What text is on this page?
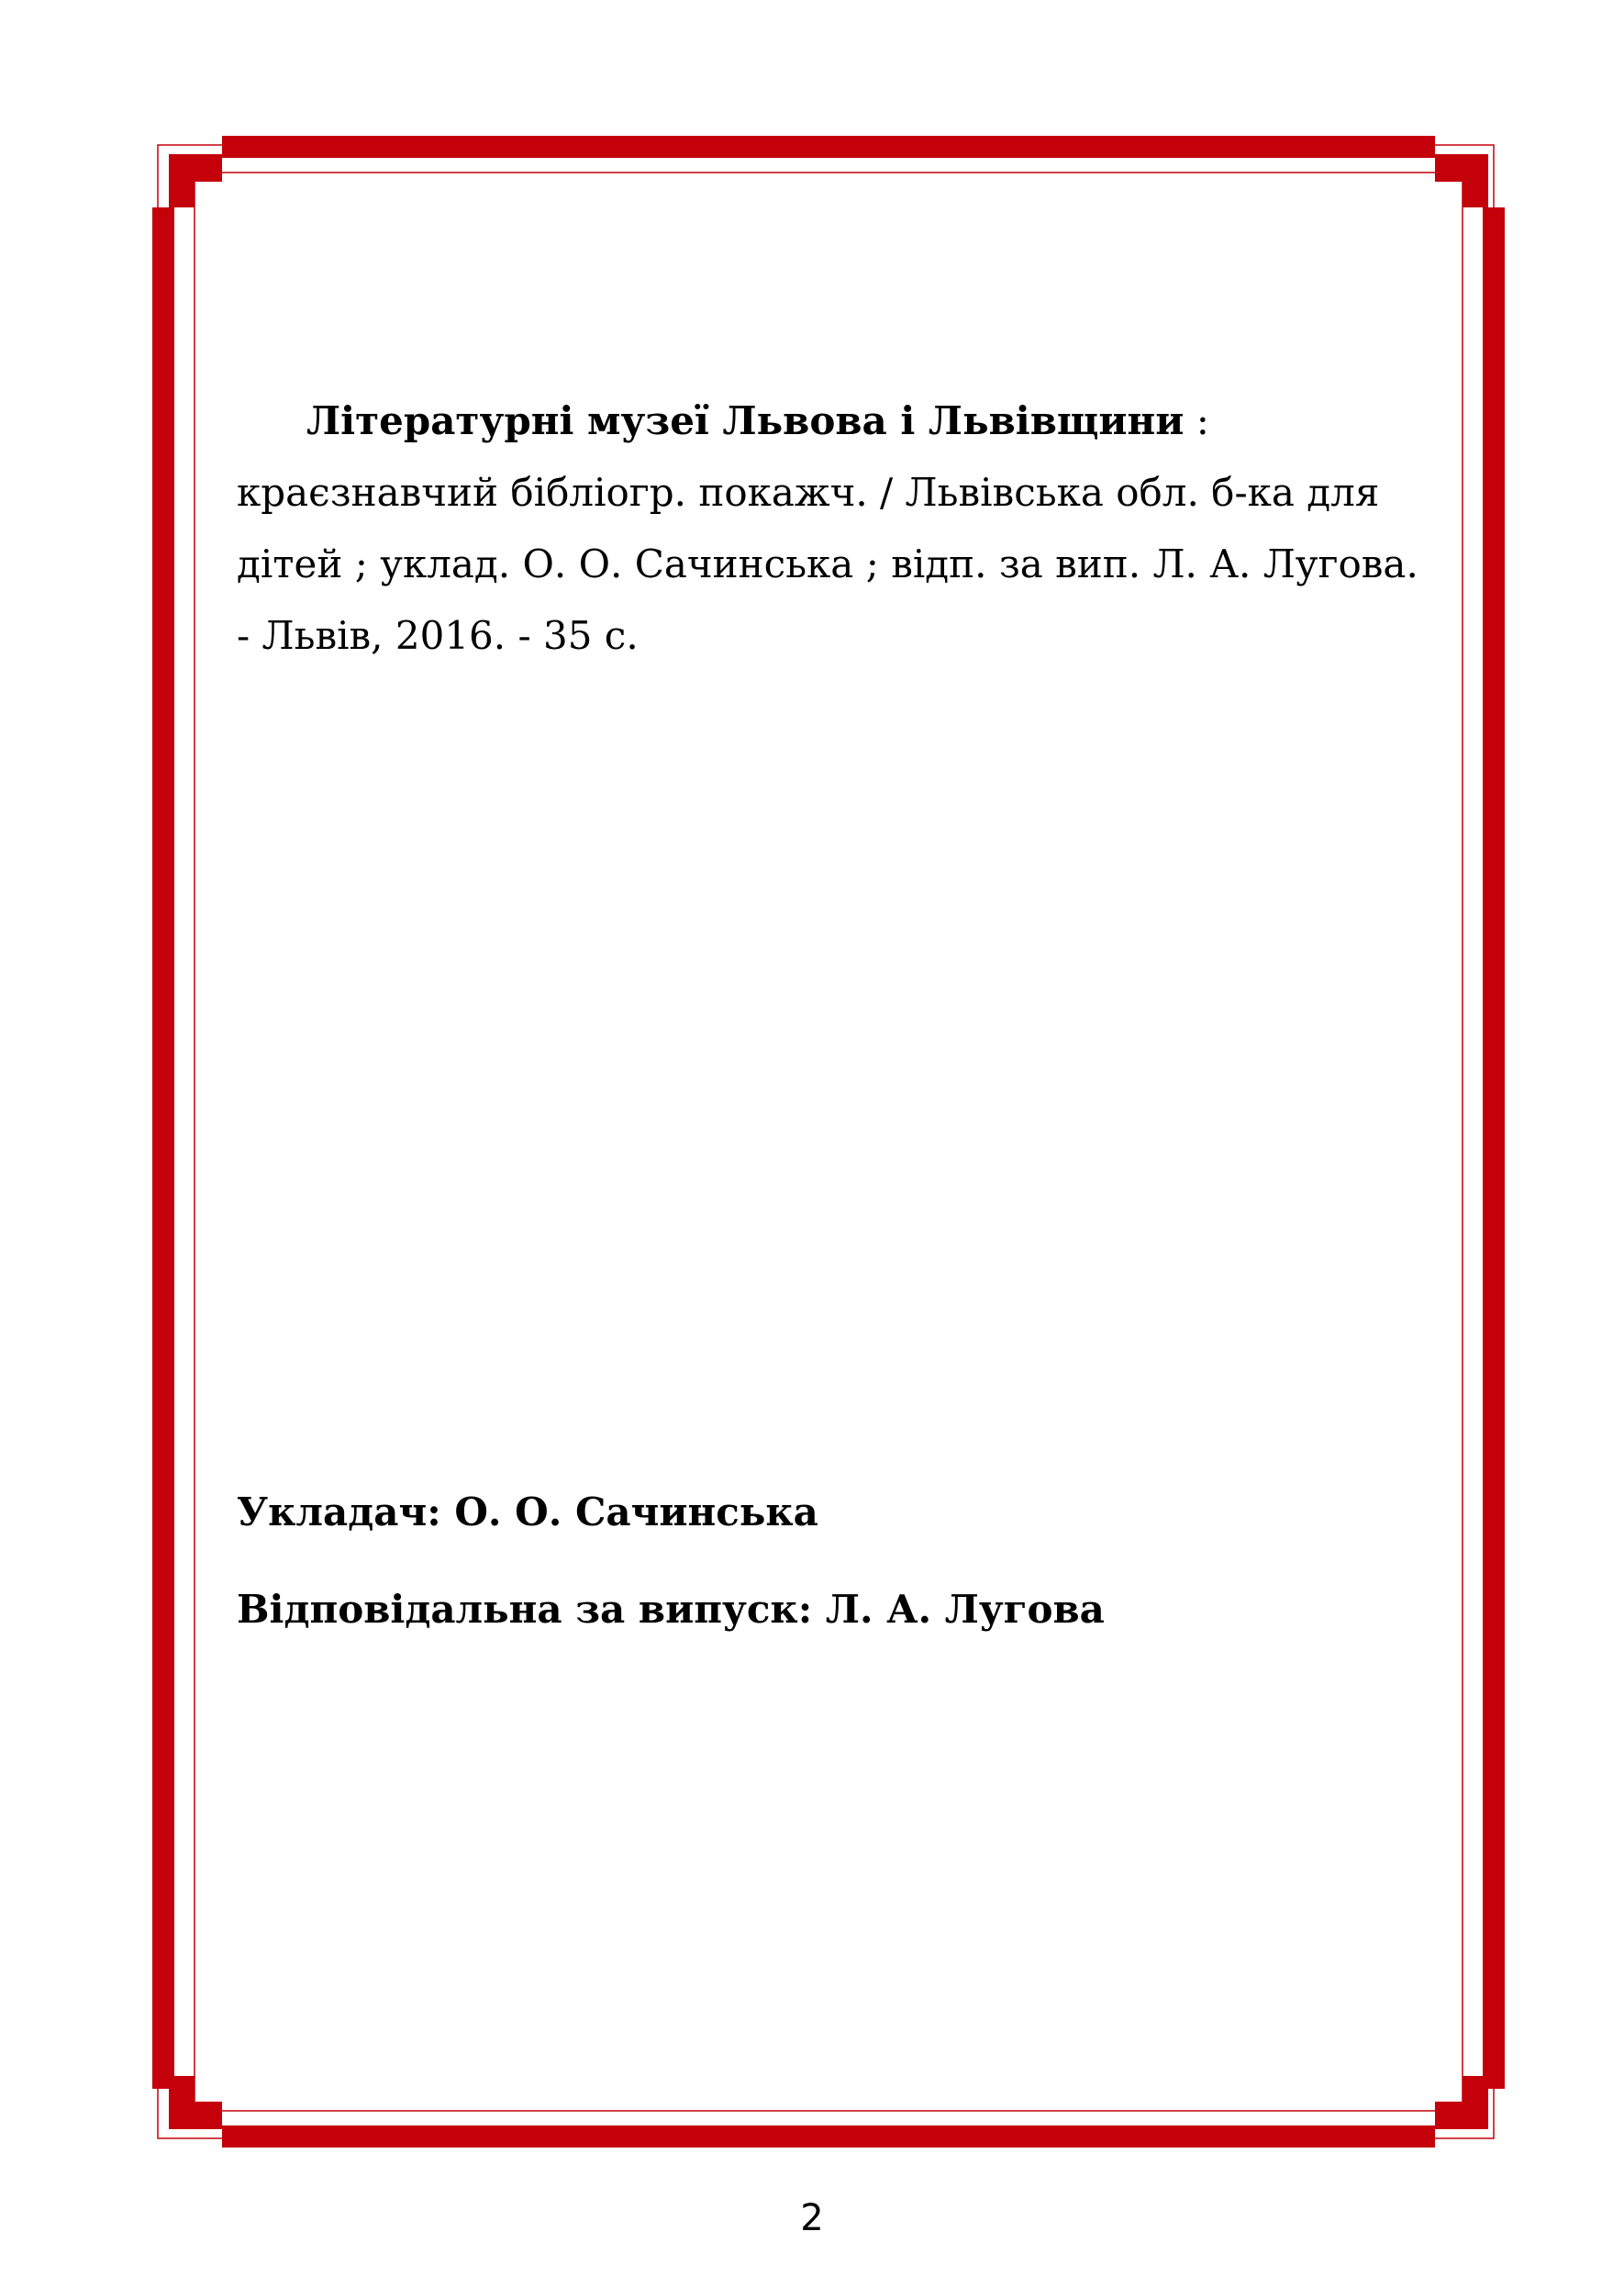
Літературні музеї Львова і Львівщини : краєзнавчий бібліогр. покажч. / Львівська обл. б-ка для дітей ; уклад. О. О. Сачинська ; відп. за вип. Л. А. Лугова. - Львів, 2016. - 35 с.

Укладач: О. О. Сачинська

Відповідальна за випуск: Л. А. Лугова

2
